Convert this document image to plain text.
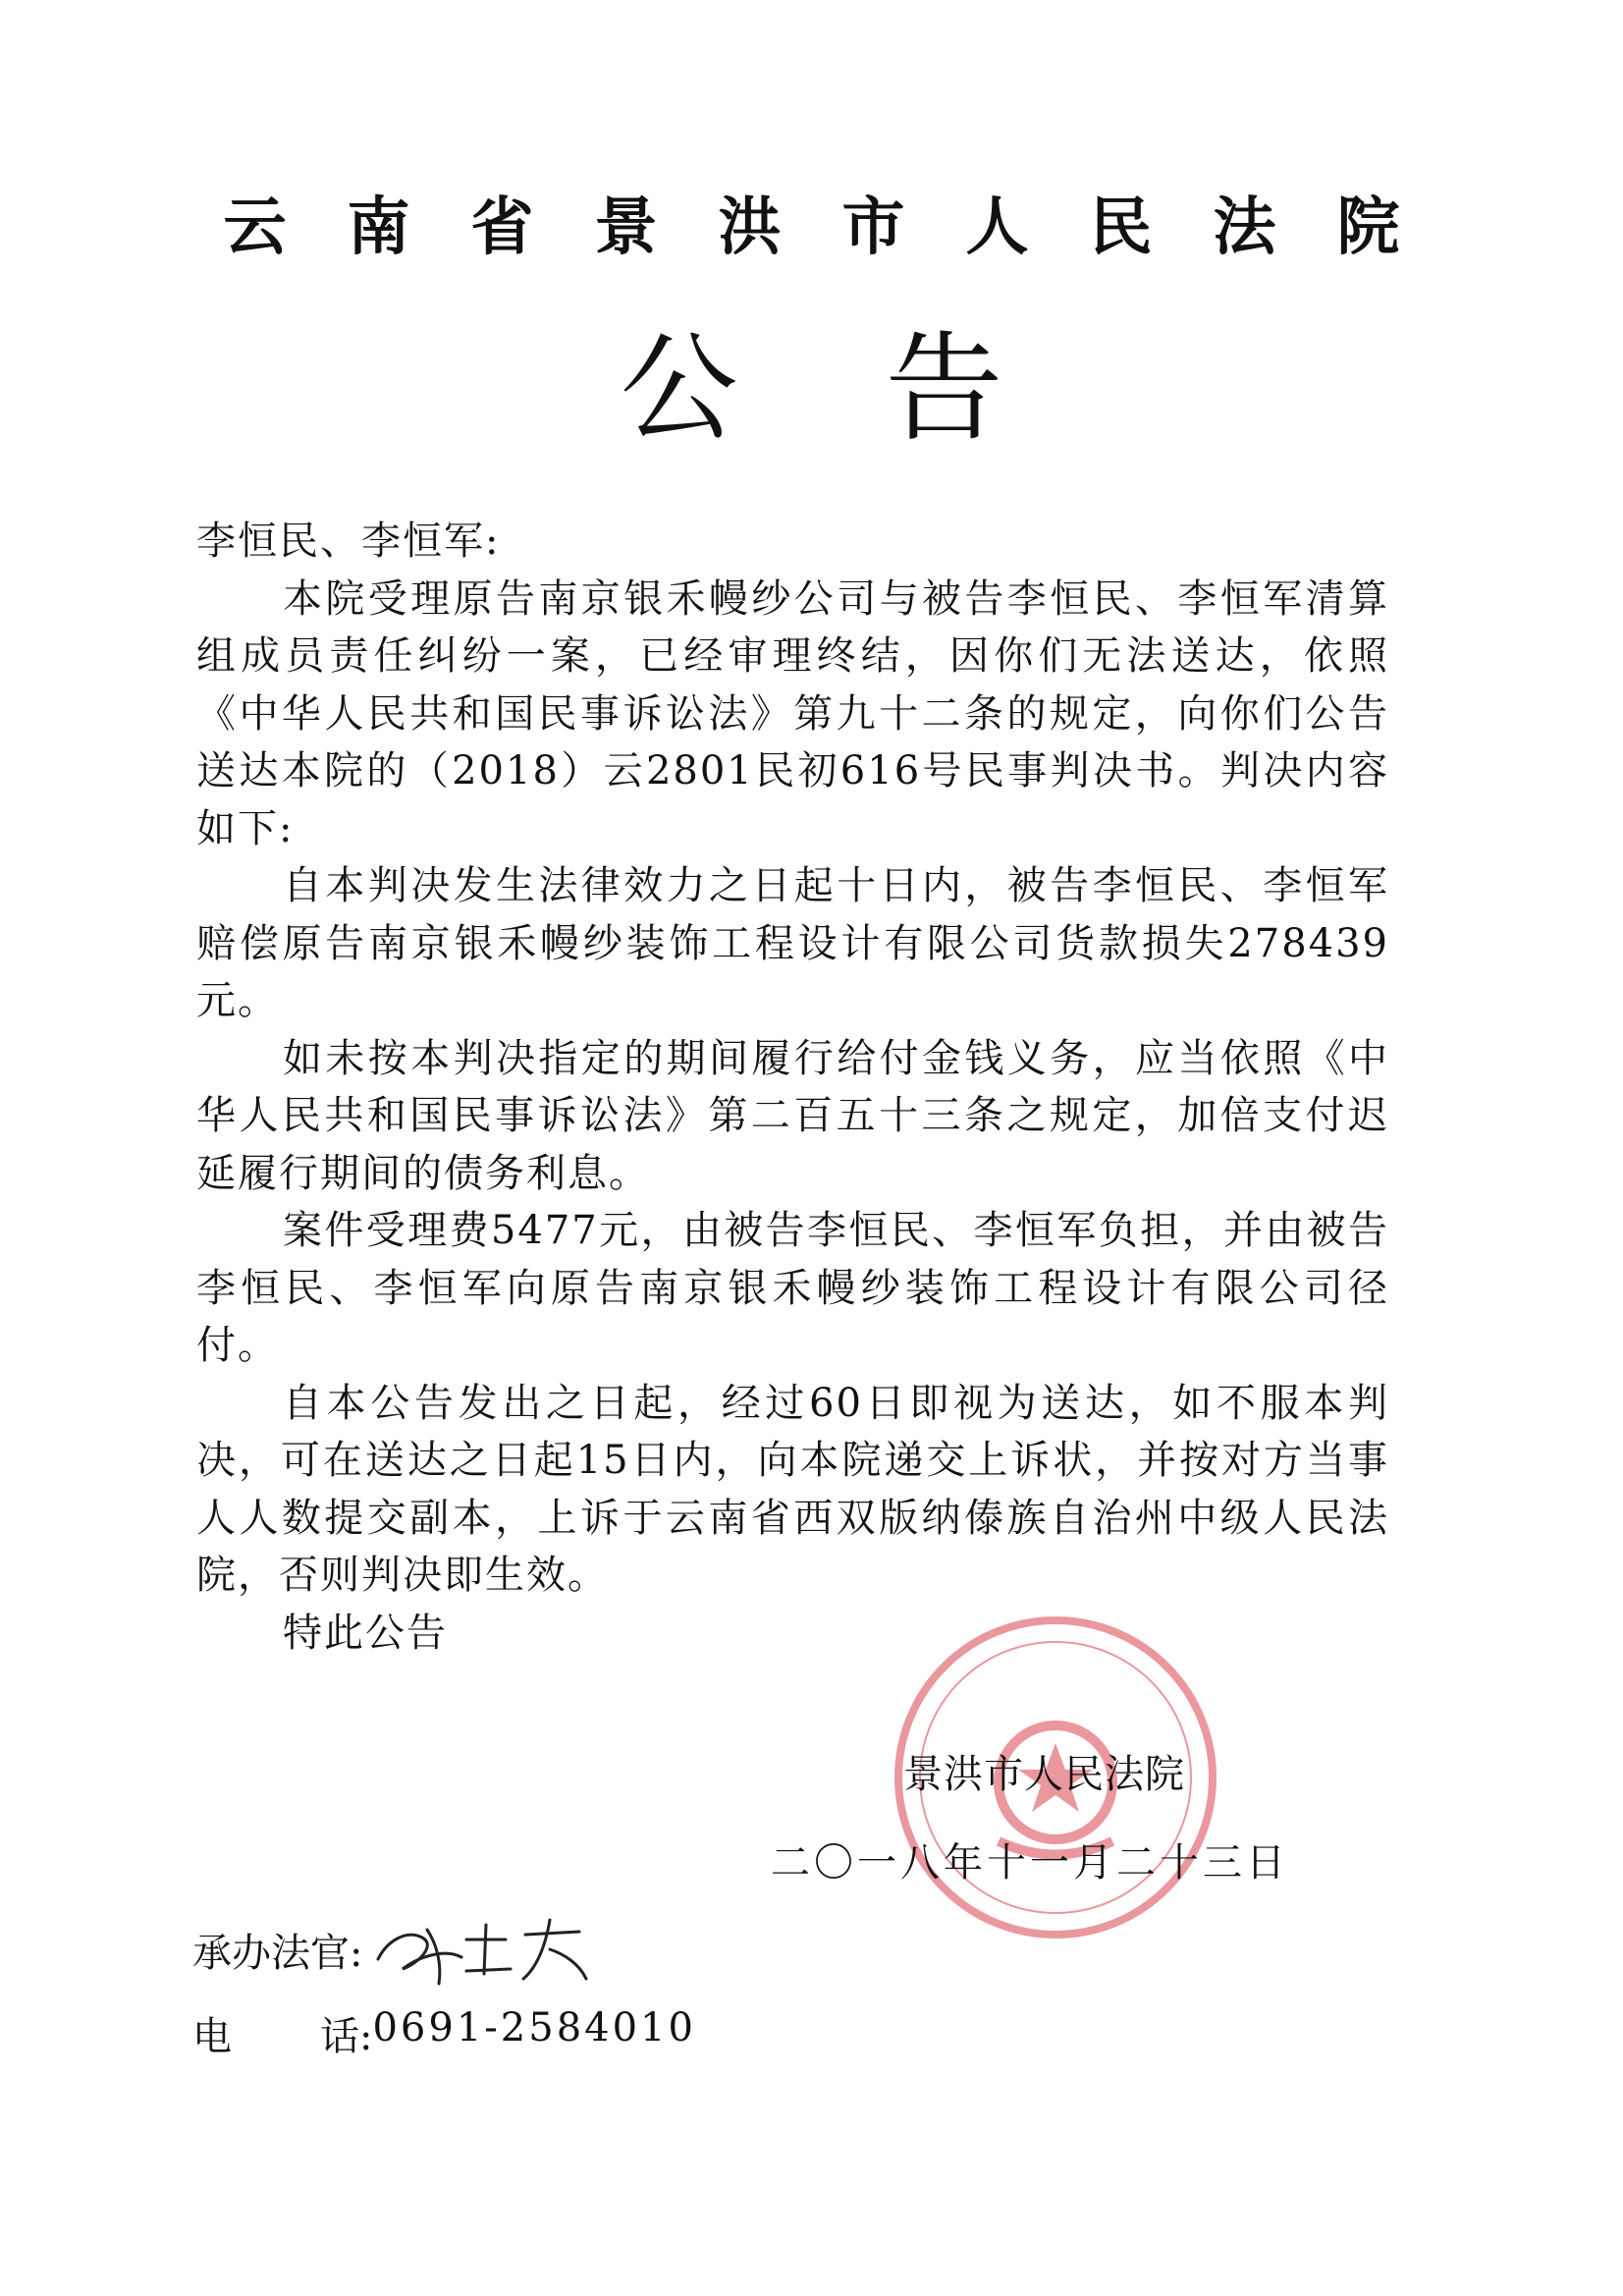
云南省景洪市人民法院
公告

李恒民、李恒军:

本院受理原告南京银禾幔纱公司与被告李恒民、李恒军清算组成员责任纠纷一案，已经审理终结，因你们无法送达，依照《中华人民共和国民事诉讼法》第九十二条的规定，向你们公告送达本院的（2018）云2801民初616号民事判决书。判决内容如下:

自本判决发生法律效力之日起十日内，被告李恒民、李恒军赔偿原告南京银禾幔纱装饰工程设计有限公司货款损失278439元。

如未按本判决指定的期间履行给付金钱义务，应当依照《中华人民共和国民事诉讼法》第二百五十三条之规定，加倍支付迟延履行期间的债务利息。

案件受理费5477元，由被告李恒民、李恒军负担，并由被告李恒民、李恒军向原告南京银禾幔纱装饰工程设计有限公司径付。

自本公告发出之日起，经过60日即视为送达，如不服本判决，可在送达之日起15日内，向本院递交上诉状，并按对方当事人人数提交副本，上诉于云南省西双版纳傣族自治州中级人民法院，否则判决即生效。

特此公告

景洪市人民法院
二〇一八年十一月二十三日
承办法官:
电	话: 0691-2584010
